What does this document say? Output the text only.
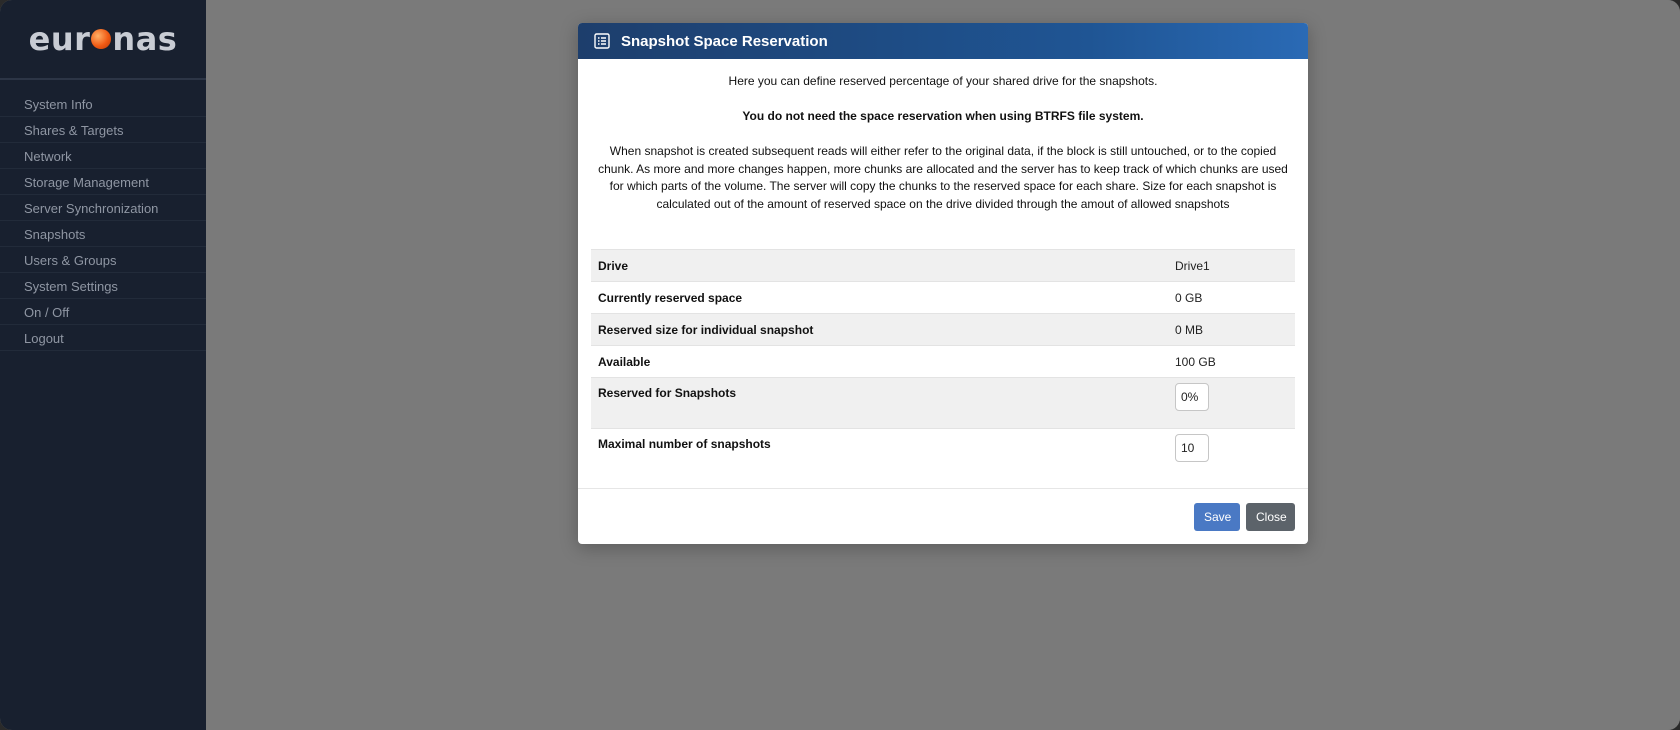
eur nas
System Info
Shares & Targets
Network
Storage Management
Server Synchronization
Snapshots
Users & Groups
System Settings
On / Off
Logout
Snapshot Space Reservation

Here you can define reserved percentage of your shared drive for the snapshots.

You do not need the space reservation when using BTRFS file system.

When snapshot is created subsequent reads will either refer to the original data, if the block is still untouched, or to the copied chunk. As more and more changes happen, more chunks are allocated and the server has to keep track of which chunks are used for which parts of the volume. The server will copy the chunks to the reserved space for each share. Size for each snapshot is calculated out of the amount of reserved space on the drive divided through the amout of allowed snapshots

Drive	Drive1
Currently reserved space	0 GB
Reserved size for individual snapshot	0 MB
Available	100 GB
Reserved for Snapshots	0%
Maximal number of snapshots	10
Save	Close
